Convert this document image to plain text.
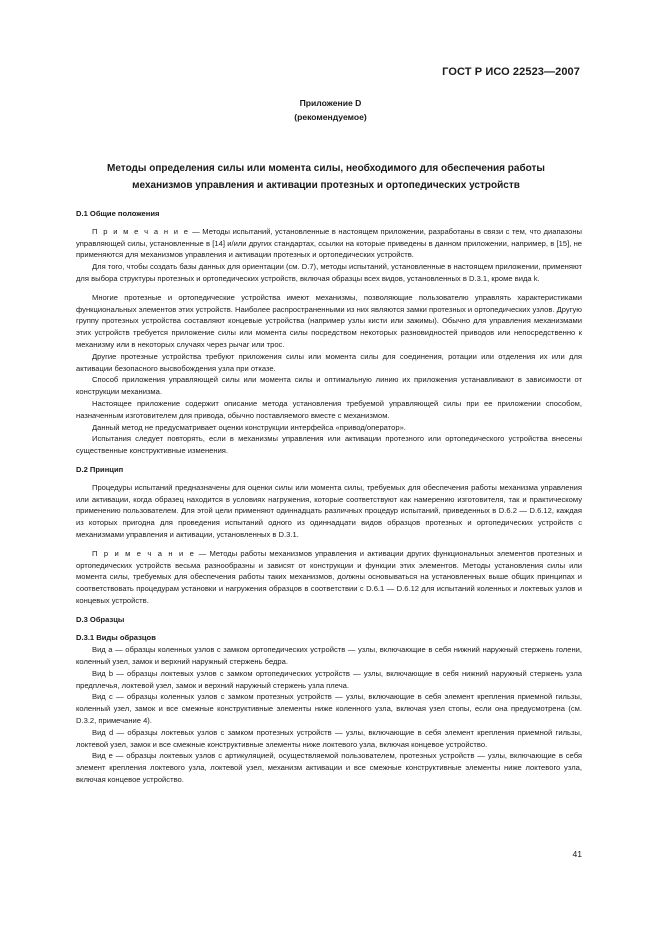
ГОСТ Р ИСО 22523—2007
Приложение D
(рекомендуемое)
Методы определения силы или момента силы, необходимого для обеспечения работы
механизмов управления и активации протезных и ортопедических устройств
D.1 Общие положения

П р и м е ч а н и е — Методы испытаний, установленные в настоящем приложении, разработаны в связи с тем, что диапазоны управляющей силы, установленные в [14] и/или других стандартах, ссылки на которые приведены в данном приложении, например, в [15], не применяются для механизмов управления и активации протезных и ортопедических устройств.

Для того, чтобы создать базы данных для ориентации (см. D.7), методы испытаний, установленные в настоящем приложении, применяют для выбора структуры протезных и ортопедических устройств, включая образцы всех видов, установленных в D.3.1, кроме вида k.

Многие протезные и ортопедические устройства имеют механизмы, позволяющие пользователю управлять характеристиками функциональных элементов этих устройств. Наиболее распространенными из них являются замки протезных и ортопедических узлов. Другую группу протезных устройства составляют концевые устройства (например узлы кисти или зажимы). Обычно для управления механизмами этих устройств требуется приложение силы или момента силы посредством некоторых разновидностей приводов или непосредственно к механизму или в некоторых случаях через рычаг или трос.

Другие протезные устройства требуют приложения силы или момента силы для соединения, ротации или отделения их или для активации безопасного высвобождения узла при отказе.

Способ приложения управляющей силы или момента силы и оптимальную линию их приложения устанавливают в зависимости от конструкции механизма.

Настоящее приложение содержит описание метода установления требуемой управляющей силы при ее приложении способом, назначенным изготовителем для привода, обычно поставляемого вместе с механизмом.

Данный метод не предусматривает оценки конструкции интерфейса «привод/оператор».

Испытания следует повторять, если в механизмы управления или активации протезного или ортопедического устройства внесены существенные конструктивные изменения.

D.2 Принцип

Процедуры испытаний предназначены для оценки силы или момента силы, требуемых для обеспечения работы механизма управления или активации, когда образец находится в условиях нагружения, которые соответствуют как намерению изготовителя, так и практическому применению пользователем. Для этой цели применяют одиннадцать различных процедур испытаний, приведенных в D.6.2 — D.6.12, каждая из которых пригодна для проведения испытаний одного из одиннадцати видов образцов протезных и ортопедических устройств с механизмами управления и активации, установленных в D.3.1.

П р и м е ч а н и е — Методы работы механизмов управления и активации других функциональных элементов протезных и ортопедических устройств весьма разнообразны и зависят от конструкции и функции этих элементов. Методы установления силы или момента силы, требуемых для обеспечения работы таких механизмов, должны основываться на установленных выше общих принципах и соответствовать процедурам установки и нагружения образцов в соответствии с D.6.1 — D.6.12 для испытаний коленных и локтевых узлов и концевых устройств.

D.3 Образцы
D.3.1 Виды образцов

Вид а — образцы коленных узлов с замком ортопедических устройств — узлы, включающие в себя нижний наружный стержень голени, коленный узел, замок и верхний наружный стержень бедра.

Вид b — образцы локтевых узлов с замком ортопедических устройств — узлы, включающие в себя нижний наружный стержень узла предплечья, локтевой узел, замок и верхний наружный стержень узла плеча.

Вид с — образцы коленных узлов с замком протезных устройств — узлы, включающие в себя элемент крепления приемной гильзы, коленный узел, замок и все смежные конструктивные элементы ниже коленного узла, включая узел стопы, если она предусмотрена (см. D.3.2, примечание 4).

Вид d — образцы локтевых узлов с замком протезных устройств — узлы, включающие в себя элемент крепления приемной гильзы, локтевой узел, замок и все смежные конструктивные элементы ниже локтевого узла, включая концевое устройство.

Вид е — образцы локтевых узлов с артикуляцией, осуществляемой пользователем, протезных устройств — узлы, включающие в себя элемент крепления локтевого узла, локтевой узел, механизм активации и все смежные конструктивные элементы ниже локтевого узла, включая концевое устройство.

41
